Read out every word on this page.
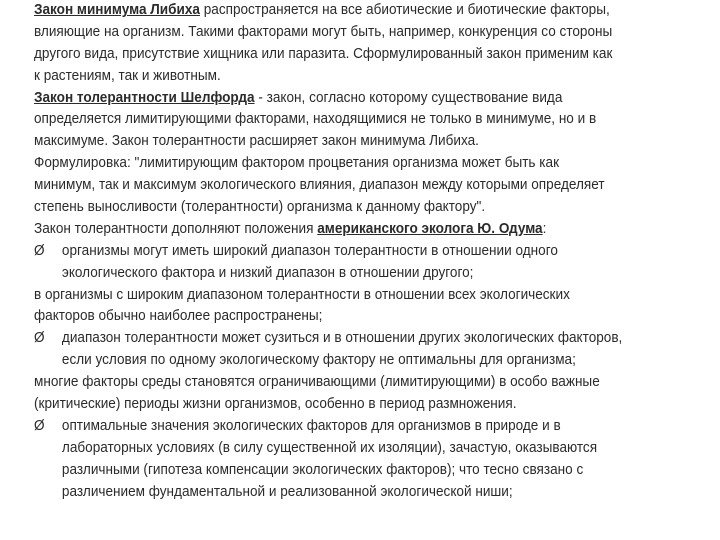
Закон минимума Либиха распространяется на все абиотические и биотические факторы,
влияющие на организм. Такими факторами могут быть, например, конкуренция со стороны
другого вида, присутствие хищника или паразита. Сформулированный закон применим как
к растениям, так и животным.
Закон толерантности Шелфорда - закон, согласно которому существование вида
определяется лимитирующими факторами, находящимися не только в минимуме, но и в
максимуме. Закон толерантности расширяет закон минимума Либиха.
Формулировка: "лимитирующим фактором процветания организма может быть как
минимум, так и максимум экологического влияния, диапазон между которыми определяет
степень выносливости (толерантности) организма к данному фактору".
Закон толерантности дополняют положения американского эколога Ю. Одума:
Ø организмы могут иметь широкий диапазон толерантности в отношении одного
экологического фактора и низкий диапазон в отношении другого;
в организмы с широким диапазоном толерантности в отношении всех экологических
факторов обычно наиболее распространены;
Ø диапазон толерантности может сузиться и в отношении других экологических факторов,
если условия по одному экологическому фактору не оптимальны для организма;
многие факторы среды становятся ограничивающими (лимитирующими) в особо важные
(критические) периоды жизни организмов, особенно в период размножения.
Ø оптимальные значения экологических факторов для организмов в природе и в
лабораторных условиях (в силу существенной их изоляции), зачастую, оказываются
различными (гипотеза компенсации экологических факторов); что тесно связано с
различением фундаментальной и реализованной экологической ниши;
